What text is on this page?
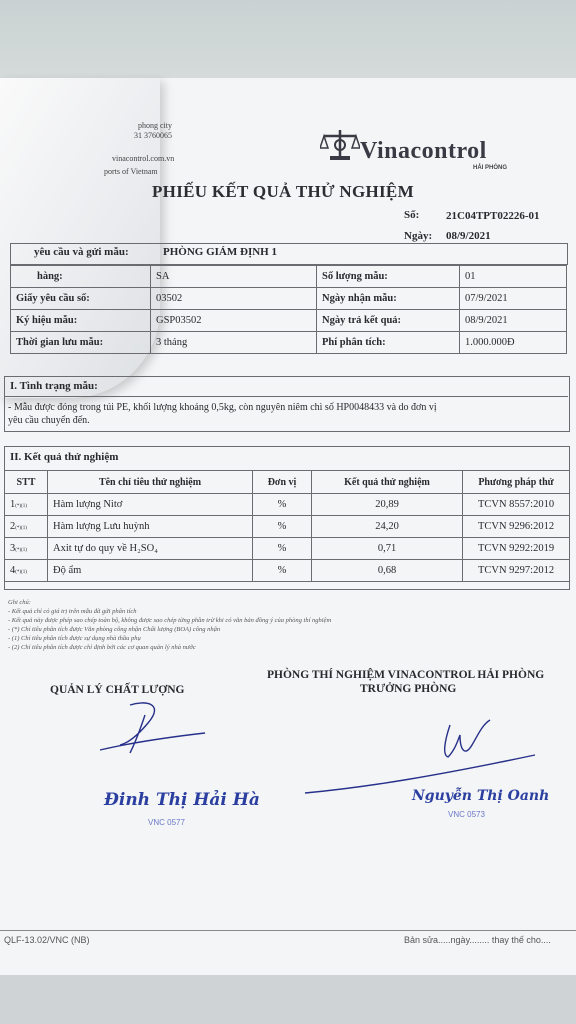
phong city
31 3760065
vinacontrol.com.vn
ports of Vietnam
Vinacontrol
HẢI PHÒNG
PHIẾU KẾT QUẢ THỬ NGHIỆM
Số: 21C04TPT02226-01
Ngày: 08/9/2021
yêu cầu và gửi mẫu:	PHÒNG GIÁM ĐỊNH 1
hàng:	SA	Số lượng mẫu:	01
Giấy yêu cầu số:	03502	Ngày nhận mẫu:	07/9/2021
Ký hiệu mẫu:	GSP03502	Ngày trả kết quả:	08/9/2021
Thời gian lưu mẫu:	3 tháng	Phí phân tích:	1.000.000Đ
I. Tình trạng mẫu:
- Mẫu được đóng trong túi PE, khối lượng khoảng 0,5kg, còn nguyên niêm chì số HP0048433 và do đơn vị
yêu cầu chuyển đến.
II. Kết quả thử nghiệm
STT	Tên chỉ tiêu thử nghiệm	Đơn vị	Kết quả thử nghiệm	Phương pháp thử
1(*)(1)	Hàm lượng Nitơ	%	20,89	TCVN 8557:2010
2(*)(1)	Hàm lượng Lưu huỳnh	%	24,20	TCVN 9296:2012
3(*)(1)	Axit tự do quy về H₂SO₄	%	0,71	TCVN 9292:2019
4(*)(1)	Độ ẩm	%	0,68	TCVN 9297:2012
Ghi chú:
- Kết quả chỉ có giá trị trên mẫu đã gửi phân tích
- Kết quả này được phép sao chép toàn bộ, không được sao chép từng phần trừ khi có văn bản đồng ý của phòng thí nghiệm
- (*) Chỉ tiêu phân tích được Văn phòng công nhận Chất lượng (BOA) công nhận
- (1) Chỉ tiêu phân tích được sự dụng nhà thầu phụ
- (2) Chỉ tiêu phân tích được chỉ định bởi các cơ quan quản lý nhà nước
QUẢN LÝ CHẤT LƯỢNG
PHÒNG THÍ NGHIỆM VINACONTROL HẢI PHÒNG
TRƯỞNG PHÒNG
Đinh Thị Hải Hà
VNC 0577
Nguyễn Thị Oanh
VNC 0573
QLF-13.02/VNC (NB)	Bản sửa.....ngày........ thay thế cho....
